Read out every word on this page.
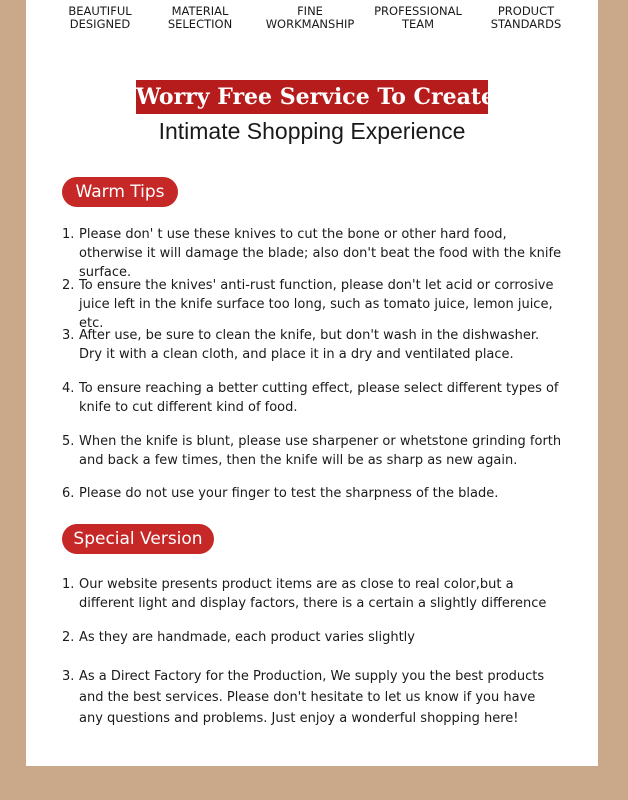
BEAUTIFUL
DESIGNED
MATERIAL
SELECTION
FINE
WORKMANSHIP
PROFESSIONAL
TEAM
PRODUCT
STANDARDS
Worry Free Service To Create
Intimate Shopping Experience
Warm Tips
1. Please don' t use these knives to cut the bone or other hard food, otherwise it will damage the blade; also don't beat the food with the knife surface.
2. To ensure the knives' anti-rust function, please don't let acid or corrosive juice left in the knife surface too long, such as tomato juice, lemon juice, etc.
3. After use, be sure to clean the knife, but don't wash in the dishwasher. Dry it with a clean cloth, and place it in a dry and ventilated place.
4. To ensure reaching a better cutting effect, please select different types of knife to cut different kind of food.
5. When the knife is blunt, please use sharpener or whetstone grinding forth and back a few times, then the knife will be as sharp as new again.
6. Please do not use your finger to test the sharpness of the blade.
Special Version
1. Our website presents product items are as close to real color,but a different light and display factors, there is a certain a slightly difference
2. As they are handmade, each product varies slightly
3. As a Direct Factory for the Production, We supply you the best products and the best services. Please don't hesitate to let us know if you have any questions and problems. Just enjoy a wonderful shopping here!
